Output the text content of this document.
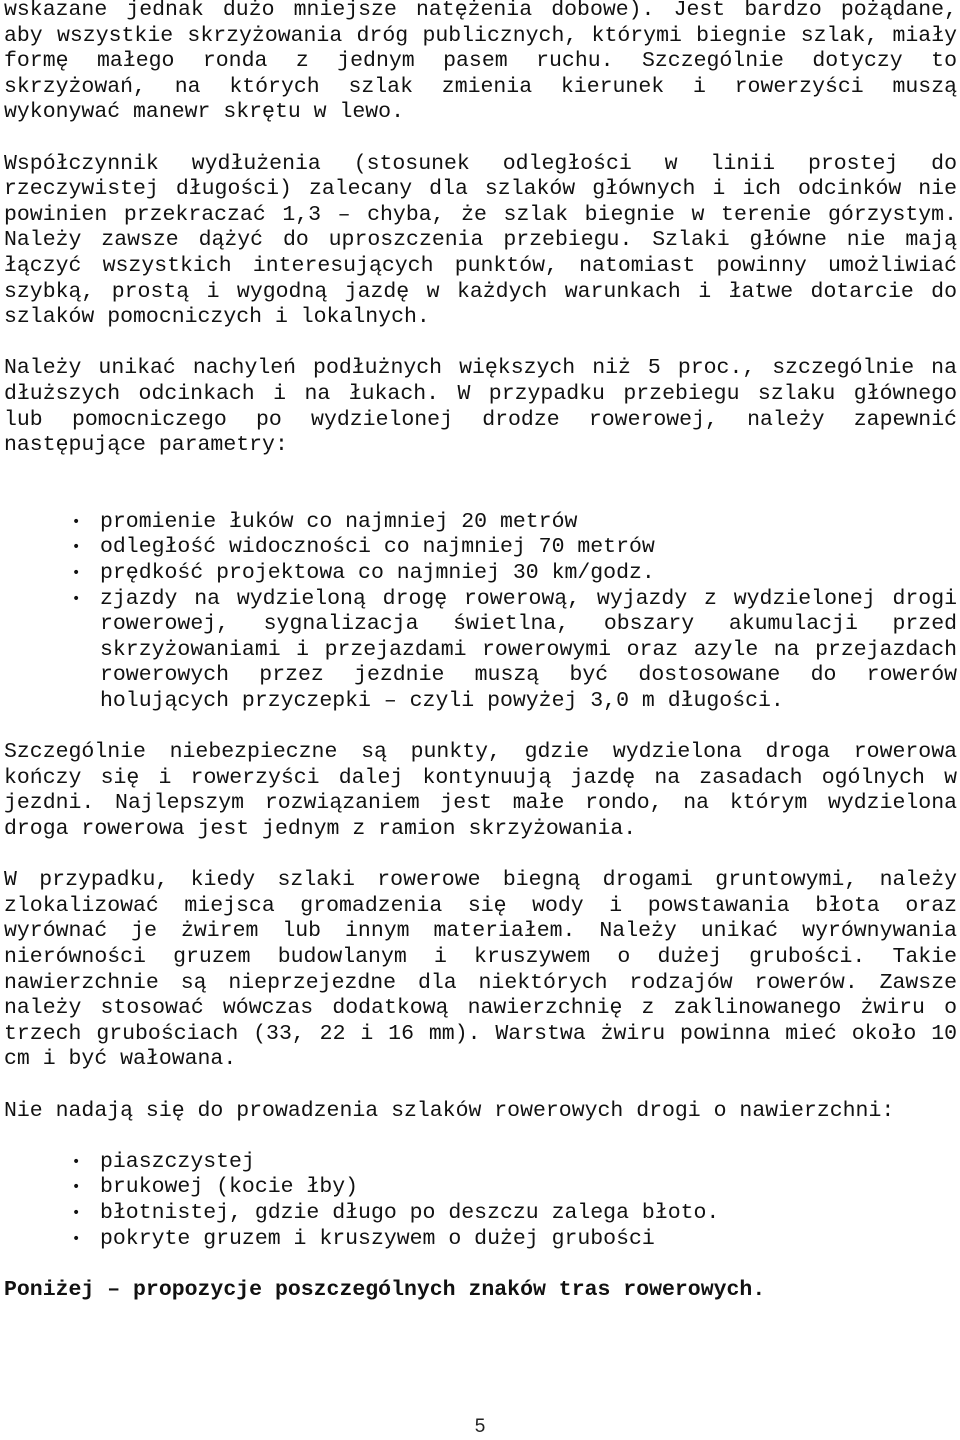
wskazane jednak dużo mniejsze natężenia dobowe). Jest bardzo pożądane, aby wszystkie skrzyżowania dróg publicznych, którymi biegnie szlak, miały formę małego ronda z jednym pasem ruchu. Szczególnie dotyczy to skrzyżowań, na których szlak zmienia kierunek i rowerzyści muszą wykonywać manewr skrętu w lewo.

Współczynnik wydłużenia (stosunek odległości w linii prostej do rzeczywistej długości) zalecany dla szlaków głównych i ich odcinków nie powinien przekraczać 1,3 – chyba, że szlak biegnie w terenie górzystym. Należy zawsze dążyć do uproszczenia przebiegu. Szlaki główne nie mają łączyć wszystkich interesujących punktów, natomiast powinny umożliwiać szybką, prostą i wygodną jazdę w każdych warunkach i łatwe dotarcie do szlaków pomocniczych i lokalnych.

Należy unikać nachyleń podłużnych większych niż 5 proc., szczególnie na dłuższych odcinkach i na łukach. W przypadku przebiegu szlaku głównego lub pomocniczego po wydzielonej drodze rowerowej, należy zapewnić następujące parametry:

• promienie łuków co najmniej 20 metrów
• odległość widoczności co najmniej 70 metrów
• prędkość projektowa co najmniej 30 km/godz.
• zjazdy na wydzieloną drogę rowerową, wyjazdy z wydzielonej drogi rowerowej, sygnalizacja świetlna, obszary akumulacji przed skrzyżowaniami i przejazdami rowerowymi oraz azyle na przejazdach rowerowych przez jezdnie muszą być dostosowane do rowerów holujących przyczepki – czyli powyżej 3,0 m długości.

Szczególnie niebezpieczne są punkty, gdzie wydzielona droga rowerowa kończy się i rowerzyści dalej kontynuują jazdę na zasadach ogólnych w jezdni. Najlepszym rozwiązaniem jest małe rondo, na którym wydzielona droga rowerowa jest jednym z ramion skrzyżowania.

W przypadku, kiedy szlaki rowerowe biegną drogami gruntowymi, należy zlokalizować miejsca gromadzenia się wody i powstawania błota oraz wyrównać je żwirem lub innym materiałem. Należy unikać wyrównywania nierówności gruzem budowlanym i kruszywem o dużej grubości. Takie nawierzchnie są nieprzejezdne dla niektórych rodzajów rowerów. Zawsze należy stosować wówczas dodatkową nawierzchnię z zaklinowanego żwiru o trzech grubościach (33, 22 i 16 mm). Warstwa żwiru powinna mieć około 10 cm i być wałowana.

Nie nadają się do prowadzenia szlaków rowerowych drogi o nawierzchni:

• piaszczystej
• brukowej (kocie łby)
• błotnistej, gdzie długo po deszczu zalega błoto.
• pokryte gruzem i kruszywem o dużej grubości

Poniżej – propozycje poszczególnych znaków tras rowerowych.

5
